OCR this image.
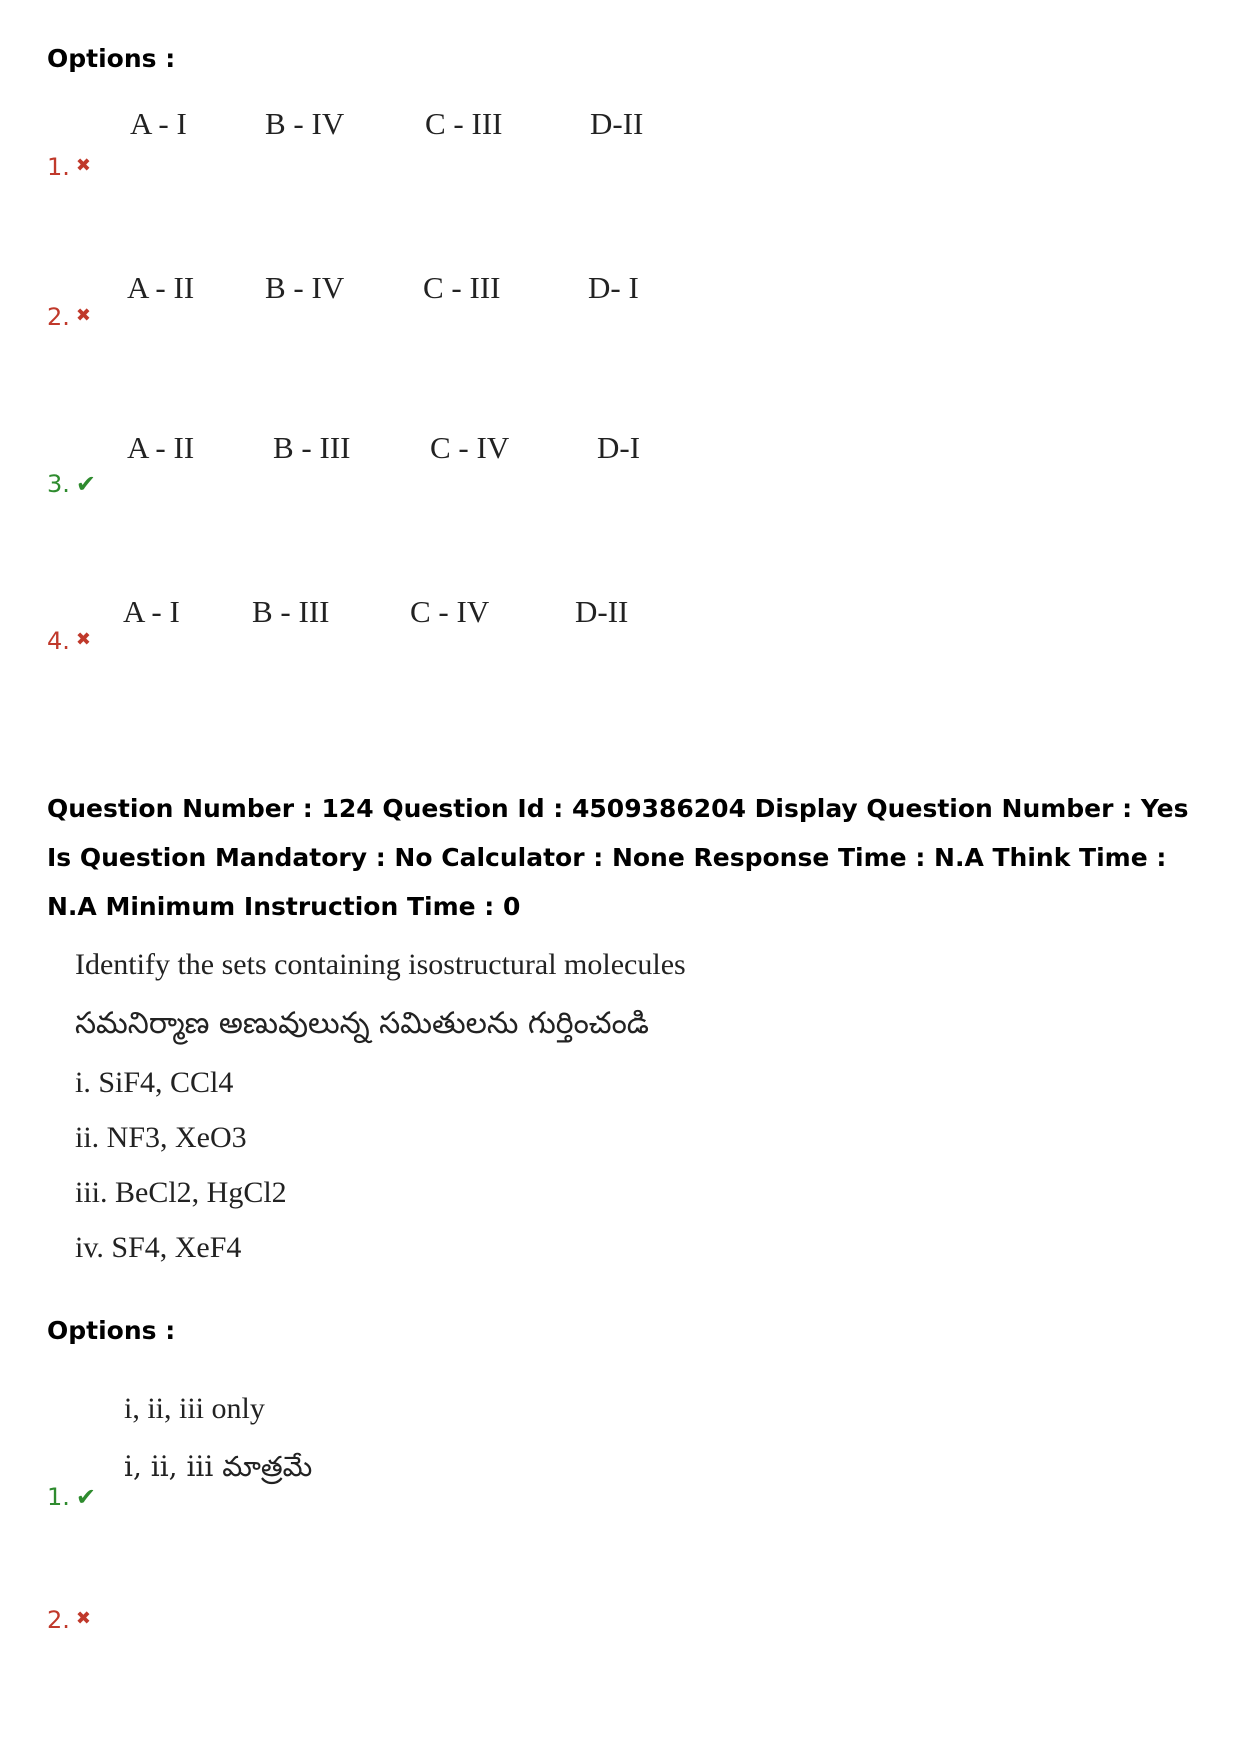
Options :
A - I	B - IV	C - III	D-II
1. ✖
A - II B - IV	C - III	D- I
2. ✖
A - II	B - III	C - IV	D-I
3. ✔
A - I B - III	C - IV	D-II
4. ✖
Question Number : 124 Question Id : 4509386204 Display Question Number : Yes Is Question Mandatory : No Calculator : None Response Time : N.A Think Time : N.A Minimum Instruction Time : 0
Identify the sets containing isostructural molecules
సమనిర్మాణ అణువులున్న సమితులను గుర్తించండి
i. SiF4, CCl4
ii. NF3, XeO3
iii. BeCl2, HgCl2
iv. SF4, XeF4
Options :
i, ii, iii only
i, ii, iii మాత్రమే
1. ✔
2. ✖
